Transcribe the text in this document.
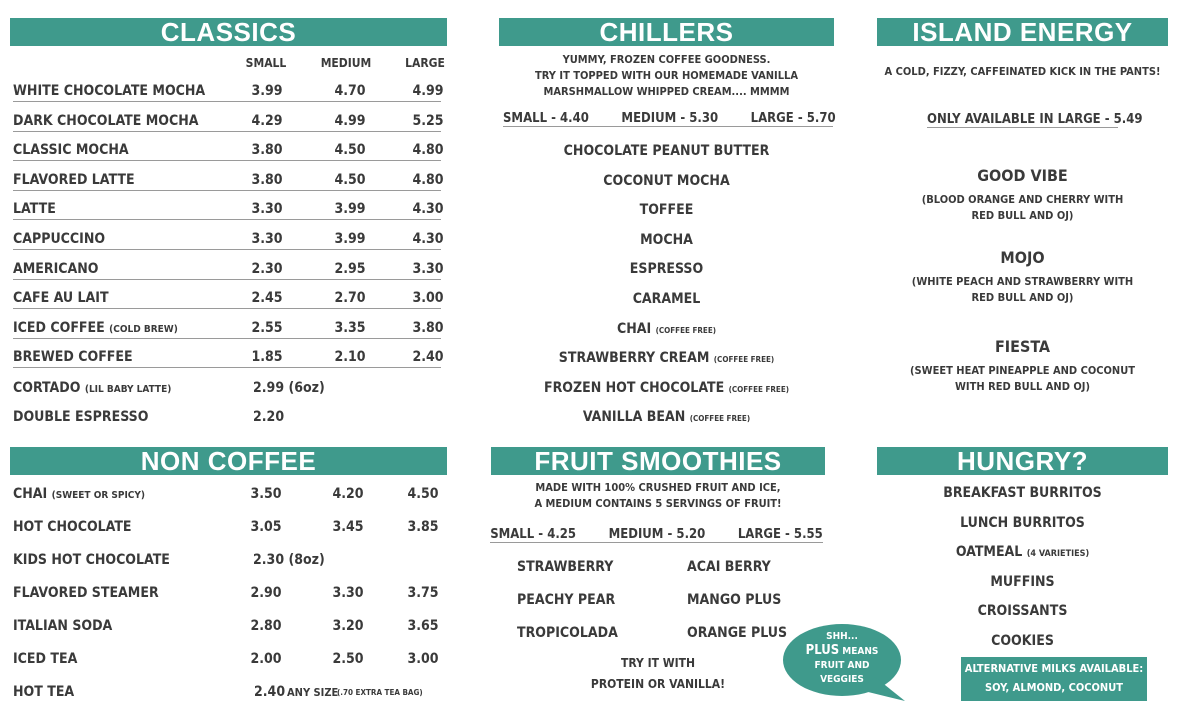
CLASSICS
SMALL	MEDIUM	LARGE
WHITE CHOCOLATE MOCHA	3.99	4.70	4.99
DARK CHOCOLATE MOCHA	4.29	4.99	5.25
CLASSIC MOCHA	3.80	4.50	4.80
FLAVORED LATTE	3.80	4.50	4.80
LATTE	3.30	3.99	4.30
CAPPUCCINO	3.30	3.99	4.30
AMERICANO	2.30	2.95	3.30
CAFE AU LAIT	2.45	2.70	3.00
ICED COFFEE (COLD BREW)	2.55	3.35	3.80
BREWED COFFEE	1.85	2.10	2.40
CORTADO (LIL BABY LATTE)	2.99 (6oz)
DOUBLE ESPRESSO	2.20
CHILLERS
YUMMY, FROZEN COFFEE GOODNESS.
TRY IT TOPPED WITH OUR HOMEMADE VANILLA
MARSHMALLOW WHIPPED CREAM.... MMMM
SMALL - 4.40        MEDIUM - 5.30        LARGE - 5.70
CHOCOLATE PEANUT BUTTER
COCONUT MOCHA
TOFFEE
MOCHA
ESPRESSO
CARAMEL
CHAI (COFFEE FREE)
STRAWBERRY CREAM (COFFEE FREE)
FROZEN HOT CHOCOLATE (COFFEE FREE)
VANILLA BEAN (COFFEE FREE)
ISLAND ENERGY
A COLD, FIZZY, CAFFEINATED KICK IN THE PANTS!
ONLY AVAILABLE IN LARGE - 5.49
GOOD VIBE
(BLOOD ORANGE AND CHERRY WITH
RED BULL AND OJ)
MOJO
(WHITE PEACH AND STRAWBERRY WITH
RED BULL AND OJ)
FIESTA
(SWEET HEAT PINEAPPLE AND COCONUT
WITH RED BULL AND OJ)
NON COFFEE
CHAI (SWEET OR SPICY)	3.50	4.20	4.50
HOT CHOCOLATE	3.05	3.45	3.85
FLAVORED STEAMER	2.90	3.30	3.75
ITALIAN SODA	2.80	3.20	3.65
ICED TEA	2.00	2.50	3.00
KIDS HOT CHOCOLATE	2.30 (8oz)
HOT TEA	2.40 ANY SIZE
(.70 EXTRA TEA BAG)
FRUIT SMOOTHIES
MADE WITH 100% CRUSHED FRUIT AND ICE,
A MEDIUM CONTAINS 5 SERVINGS OF FRUIT!
SMALL - 4.25        MEDIUM - 5.20        LARGE - 5.55
STRAWBERRY
PEACHY PEAR
TROPICOLADA
ACAI BERRY
MANGO PLUS
ORANGE PLUS
TRY IT WITH
PROTEIN OR VANILLA!
SHH...
PLUS MEANS
FRUIT AND
VEGGIES
HUNGRY?
BREAKFAST BURRITOS
LUNCH BURRITOS
OATMEAL (4 VARIETIES)
MUFFINS
CROISSANTS
COOKIES
ALTERNATIVE MILKS AVAILABLE:
SOY, ALMOND, COCONUT
